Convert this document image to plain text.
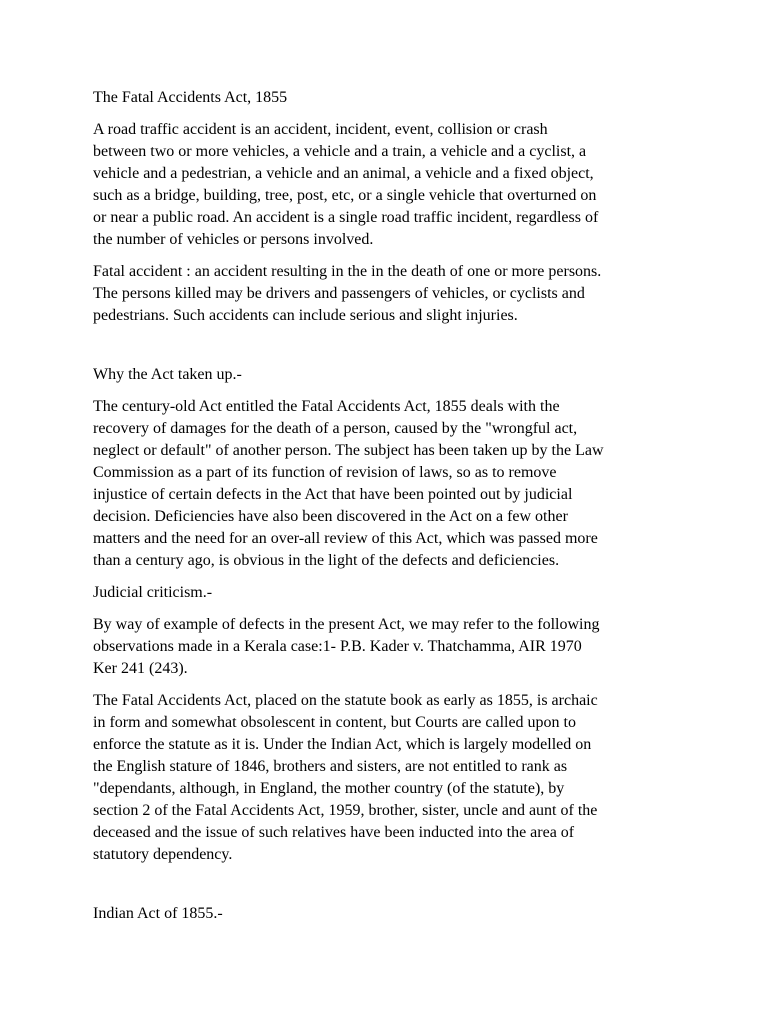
The Fatal Accidents Act, 1855
A road traffic accident is an accident, incident, event, collision or crash
between two or more vehicles, a vehicle and a train, a vehicle and a cyclist, a
vehicle and a pedestrian, a vehicle and an animal, a vehicle and a fixed object,
such as a bridge, building, tree, post, etc, or a single vehicle that overturned on
or near a public road. An accident is a single road traffic incident, regardless of
the number of vehicles or persons involved.
Fatal accident : an accident resulting in the in the death of one or more persons.
The persons killed may be drivers and passengers of vehicles, or cyclists and
pedestrians. Such accidents can include serious and slight injuries.
Why the Act taken up.-
The century-old Act entitled the Fatal Accidents Act, 1855 deals with the
recovery of damages for the death of a person, caused by the "wrongful act,
neglect or default" of another person. The subject has been taken up by the Law
Commission as a part of its function of revision of laws, so as to remove
injustice of certain defects in the Act that have been pointed out by judicial
decision. Deficiencies have also been discovered in the Act on a few other
matters and the need for an over-all review of this Act, which was passed more
than a century ago, is obvious in the light of the defects and deficiencies.
Judicial criticism.-
By way of example of defects in the present Act, we may refer to the following
observations made in a Kerala case:1- P.B. Kader v. Thatchamma, AIR 1970
Ker 241 (243).
The Fatal Accidents Act, placed on the statute book as early as 1855, is archaic
in form and somewhat obsolescent in content, but Courts are called upon to
enforce the statute as it is. Under the Indian Act, which is largely modelled on
the English stature of 1846, brothers and sisters, are not entitled to rank as
"dependants, although, in England, the mother country (of the statute), by
section 2 of the Fatal Accidents Act, 1959, brother, sister, uncle and aunt of the
deceased and the issue of such relatives have been inducted into the area of
statutory dependency.
Indian Act of 1855.-
